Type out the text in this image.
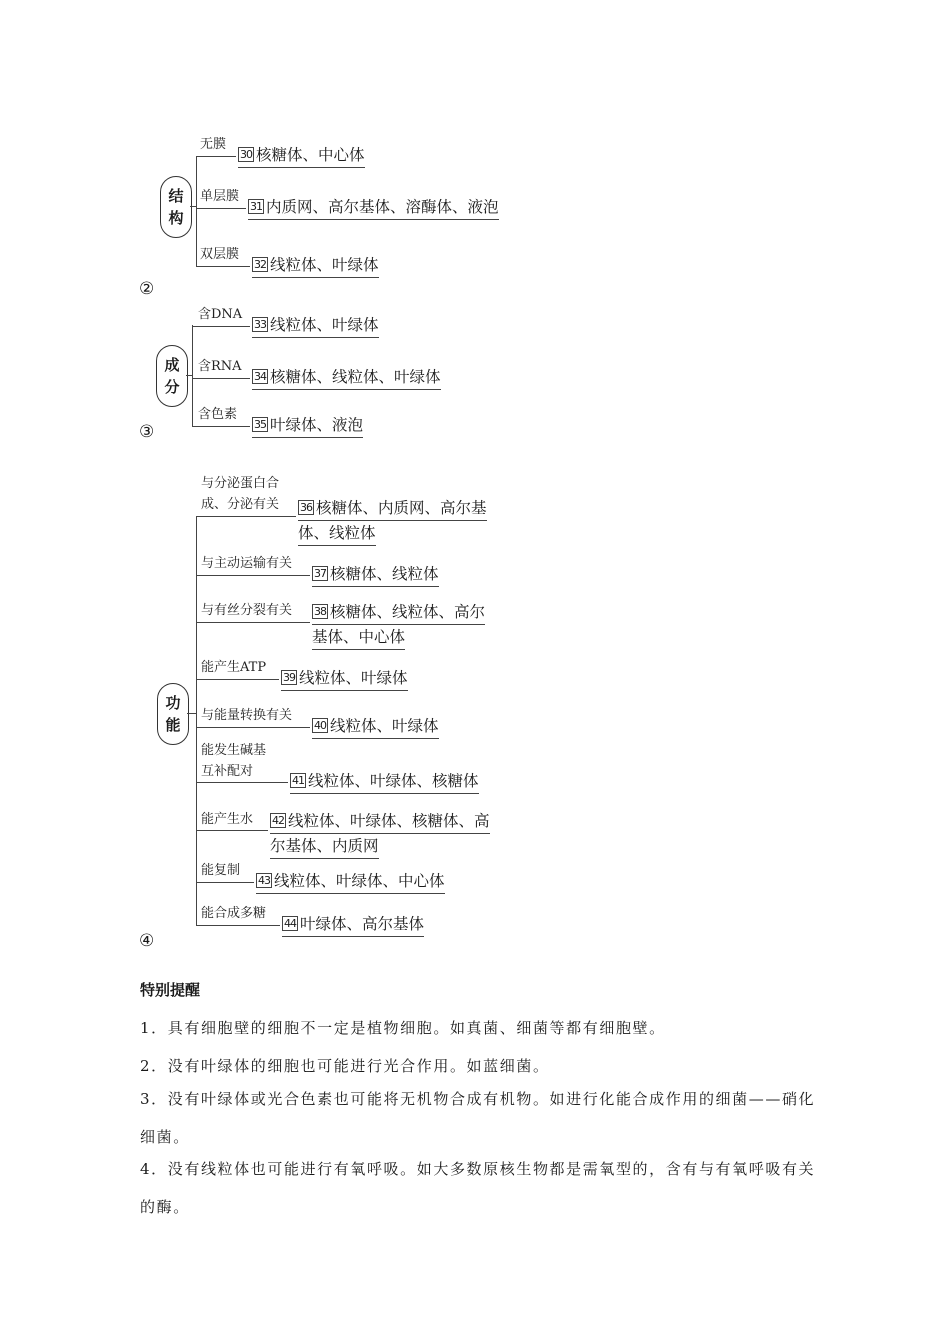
结
构
无膜
30 核糖体、中心体
单层膜
31 内质网、高尔基体、溶酶体、液泡
双层膜
32 线粒体、叶绿体
②
成
分
含DNA
33 线粒体、叶绿体
含RNA
34 核糖体、线粒体、叶绿体
含色素
35 叶绿体、液泡
③
功
能
与分泌蛋白合
成、分泌有关 36 核糖体、内质网、高尔基
体、线粒体
与主动运输有关
37 核糖体、线粒体
与有丝分裂有关 38 核糖体、线粒体、高尔
基体、中心体
能产生ATP
39 线粒体、叶绿体
与能量转换有关
40 线粒体、叶绿体
能发生碱基
互补配对
41 线粒体、叶绿体、核糖体
能产生水 42 线粒体、叶绿体、核糖体、高
尔基体、内质网
能复制
43 线粒体、叶绿体、中心体
能合成多糖
44 叶绿体、高尔基体
④
特别提醒
1．具有细胞壁的细胞不一定是植物细胞。如真菌、细菌等都有细胞壁。
2．没有叶绿体的细胞也可能进行光合作用。如蓝细菌。
3．没有叶绿体或光合色素也可能将无机物合成有机物。如进行化能合成作用的细菌——硝化细菌。
4．没有线粒体也可能进行有氧呼吸。如大多数原核生物都是需氧型的，含有与有氧呼吸有关的酶。
